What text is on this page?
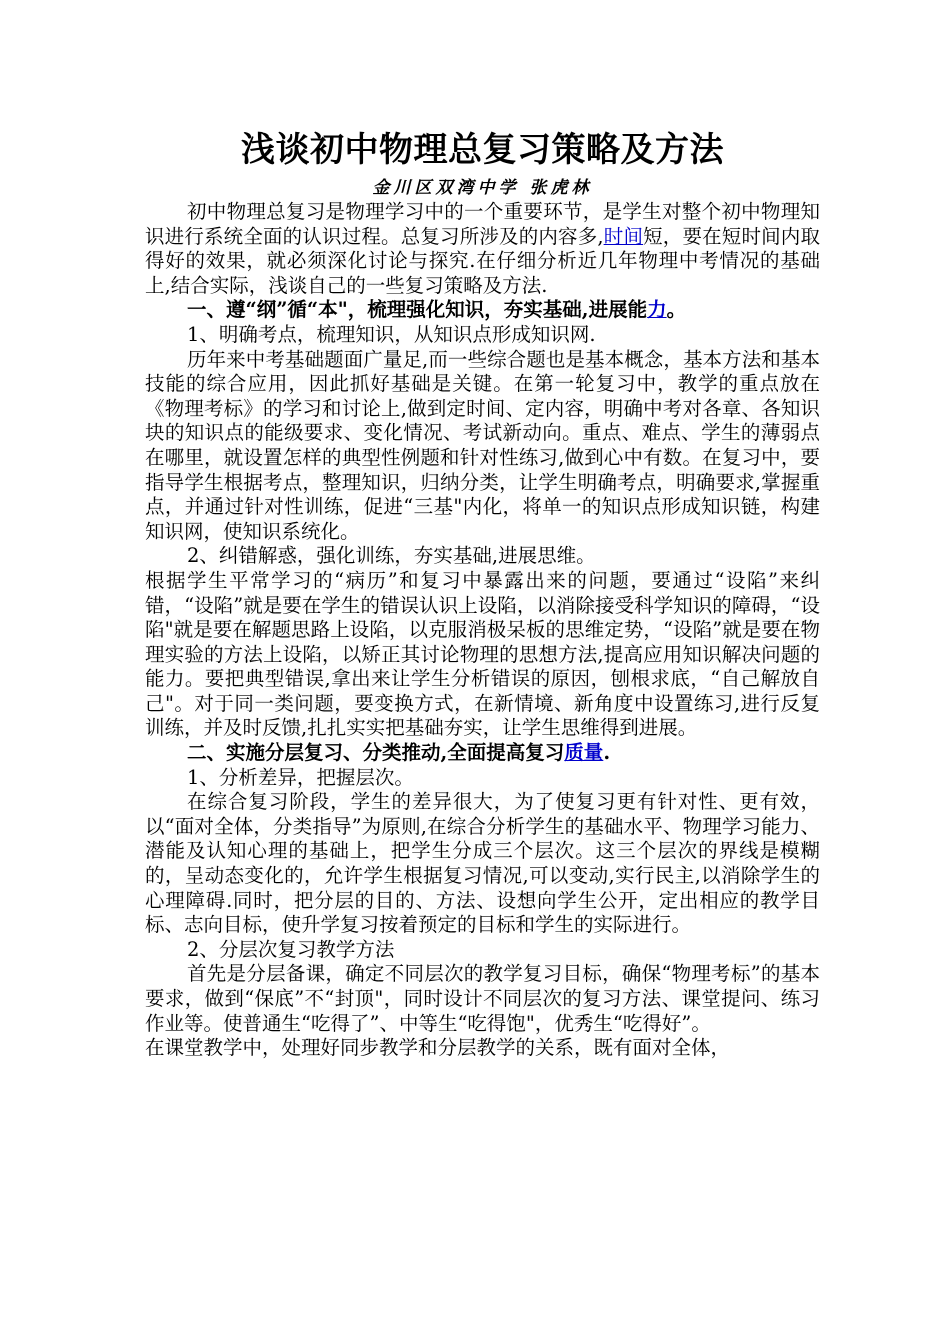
浅谈初中物理总复习策略及方法

金川区双湾中学 张虎林

初中物理总复习是物理学习中的一个重要环节，是学生对整个初中物理知识进行系统全面的认识过程。总复习所涉及的内容多,时间短，要在短时间内取得好的效果，就必须深化讨论与探究.在仔细分析近几年物理中考情况的基础上,结合实际，浅谈自己的一些复习策略及方法.

一、遵“纲”循“本"，梳理强化知识，夯实基础,进展能力。

1、明确考点，梳理知识，从知识点形成知识网.

历年来中考基础题面广量足,而一些综合题也是基本概念，基本方法和基本技能的综合应用，因此抓好基础是关键。在第一轮复习中，教学的重点放在《物理考标》的学习和讨论上,做到定时间、定内容，明确中考对各章、各知识块的知识点的能级要求、变化情况、考试新动向。重点、难点、学生的薄弱点在哪里，就设置怎样的典型性例题和针对性练习,做到心中有数。在复习中，要指导学生根据考点，整理知识，归纳分类，让学生明确考点，明确要求,掌握重点，并通过针对性训练，促进“三基"内化，将单一的知识点形成知识链，构建知识网，使知识系统化。

2、纠错解惑，强化训练，夯实基础,进展思维。

根据学生平常学习的“病历”和复习中暴露出来的问题，要通过“设陷”来纠错，“设陷”就是要在学生的错误认识上设陷，以消除接受科学知识的障碍，“设陷"就是要在解题思路上设陷，以克服消极呆板的思维定势，“设陷”就是要在物理实验的方法上设陷，以矫正其讨论物理的思想方法,提高应用知识解决问题的能力。要把典型错误,拿出来让学生分析错误的原因，刨根求底，“自己解放自己"。对于同一类问题，要变换方式，在新情境、新角度中设置练习,进行反复训练，并及时反馈,扎扎实实把基础夯实，让学生思维得到进展。

二、实施分层复习、分类推动,全面提高复习质量.

1、分析差异，把握层次。

在综合复习阶段，学生的差异很大，为了使复习更有针对性、更有效，以“面对全体，分类指导”为原则,在综合分析学生的基础水平、物理学习能力、潜能及认知心理的基础上，把学生分成三个层次。这三个层次的界线是模糊的，呈动态变化的，允许学生根据复习情况,可以变动,实行民主,以消除学生的心理障碍.同时，把分层的目的、方法、设想向学生公开，定出相应的教学目标、志向目标，使升学复习按着预定的目标和学生的实际进行。

2、分层次复习教学方法

首先是分层备课，确定不同层次的教学复习目标，确保“物理考标”的基本要求，做到“保底”不“封顶"，同时设计不同层次的复习方法、课堂提问、练习作业等。使普通生“吃得了”、中等生“吃得饱"，优秀生“吃得好”。

在课堂教学中，处理好同步教学和分层教学的关系，既有面对全体，
